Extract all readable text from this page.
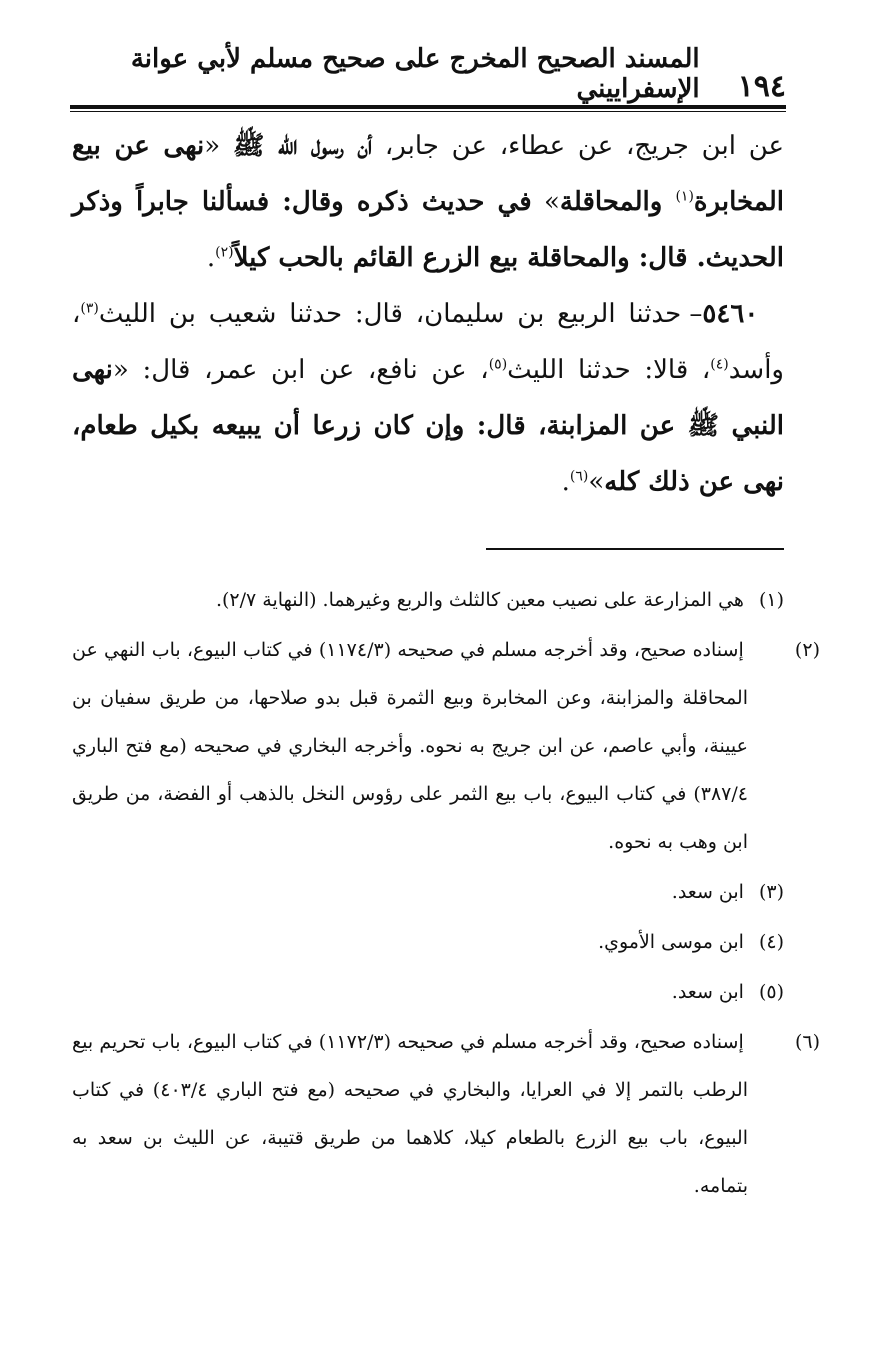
١٩٤
المسند الصحيح المخرج على صحيح مسلم لأبي عوانة الإسفراييني

عن ابن جريج، عن عطاء، عن جابر، أن رسول الله ﷺ «نهى عن بيع المخابرة$^{(١)}$ والمحاقلة» في حديث ذكره وقال: فسألنا جابراً وذكر الحديث. قال: والمحاقلة بيع الزرع القائم بالحب كيلاً$^{(٢)}$.

٥٤٦٠– حدثنا الربيع بن سليمان، قال: حدثنا شعيب بن الليث$^{(٣)}$، وأسد$^{(٤)}$، قالا: حدثنا الليث$^{(٥)}$، عن نافع، عن ابن عمر، قال: «نهى النبي ﷺ عن المزابنة، قال: وإن كان زرعا أن يبيعه بكيل طعام، نهى عن ذلك كله»$^{(٦)}$.

(١) هي المزارعة على نصيب معين كالثلث والربع وغيرهما. (النهاية ٢/٧).

(٢) إسناده صحيح، وقد أخرجه مسلم في صحيحه (١١٧٤/٣) في كتاب البيوع، باب النهي عن المحاقلة والمزابنة، وعن المخابرة وبيع الثمرة قبل بدو صلاحها، من طريق سفيان بن عيينة، وأبي عاصم، عن ابن جريج به نحوه. وأخرجه البخاري في صحيحه (مع فتح الباري ٣٨٧/٤) في كتاب البيوع، باب بيع الثمر على رؤوس النخل بالذهب أو الفضة، من طريق ابن وهب به نحوه.

(٣) ابن سعد.

(٤) ابن موسى الأموي.

(٥) ابن سعد.

(٦) إسناده صحيح، وقد أخرجه مسلم في صحيحه (١١٧٢/٣) في كتاب البيوع، باب تحريم بيع الرطب بالتمر إلا في العرايا، والبخاري في صحيحه (مع فتح الباري ٤٠٣/٤) في كتاب البيوع، باب بيع الزرع بالطعام كيلا، كلاهما من طريق قتيبة، عن الليث بن سعد به بتمامه.
